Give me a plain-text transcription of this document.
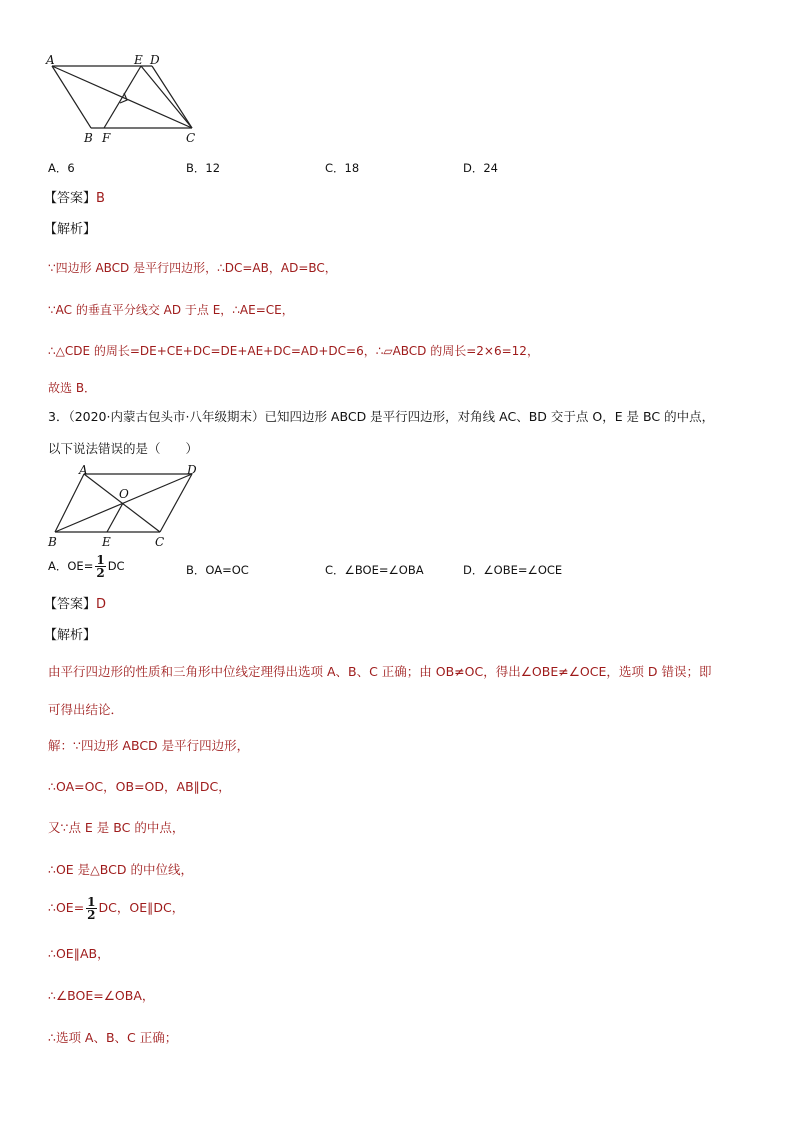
A	E D
B F	C
A．6	B．12	C．18	D．24
【答案】B
【解析】
∵四边形 ABCD 是平行四边形，∴DC=AB，AD=BC，
∵AC 的垂直平分线交 AD 于点 E，∴AE=CE，
∴△CDE 的周长=DE+CE+DC=DE+AE+DC=AD+DC=6，∴▱ABCD 的周长=2×6=12，
故选 B．
3．（2020·内蒙古包头市·八年级期末）已知四边形 ABCD 是平行四边形，对角线 AC、BD 交于点 O，E 是 BC 的中点，
以下说法错误的是（　　）
A	D
O
B	E	C
A．$OE= \frac{1}{2}$ DC	B．OA=OC	C．∠BOE=∠OBA	D．∠OBE=∠OCE
【答案】D
【解析】
由平行四边形的性质和三角形中位线定理得出选项 A、B、C 正确；由 OB≠OC，得出∠OBE≠∠OCE，选项 D 错误；即
可得出结论．
解：∵四边形 ABCD 是平行四边形，
∴OA=OC，OB=OD，AB∥DC，
又∵点 E 是 BC 的中点，
∴OE 是△BCD 的中位线，
∴OE= $\frac{1}{2}$ DC，OE∥DC，
∴OE∥AB，
∴∠BOE=∠OBA，
∴选项 A、B、C 正确；
